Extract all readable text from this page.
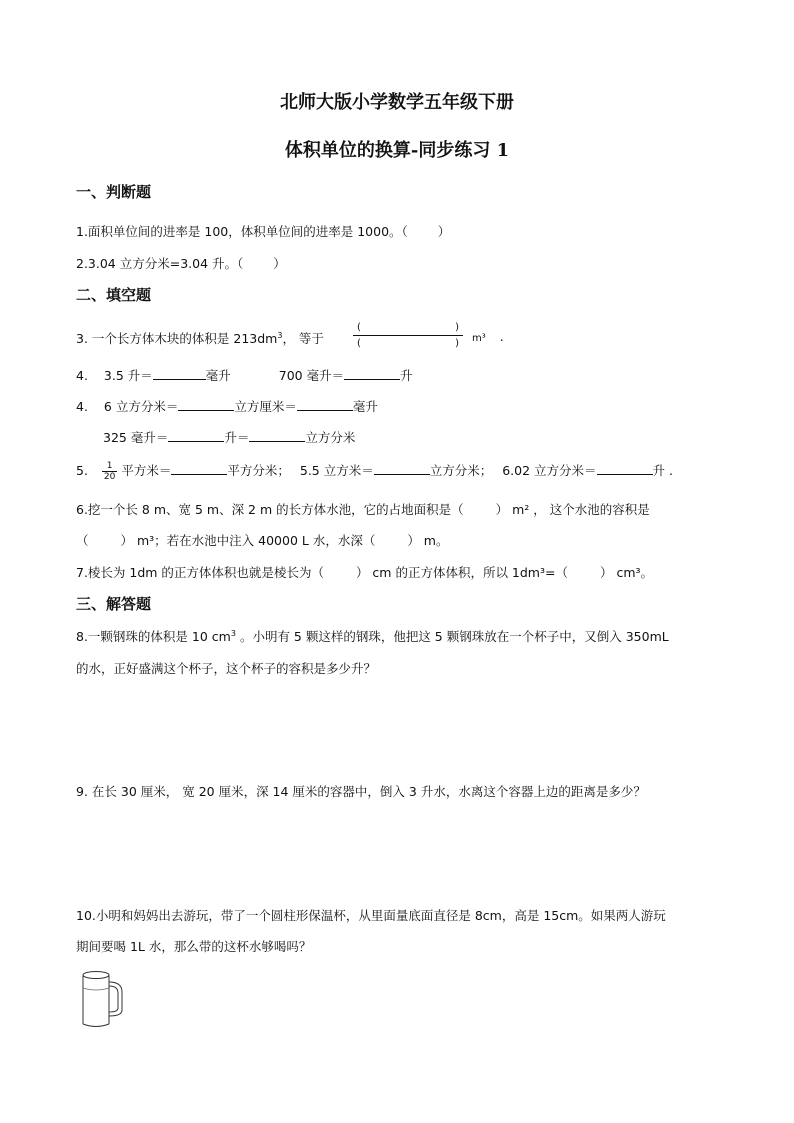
北师大版小学数学五年级下册
体积单位的换算-同步练习 1
一、判断题
1.面积单位间的进率是 100，体积单位间的进率是 1000。（ ）
2.3.04 立方分米=3.04 升。（ ）
二、填空题
3. 一个长方体木块的体积是 $213dm^3$， 等于
(	)
(	) m³ .
4. 3.5 升＝	毫升	700 毫升＝	升
4. 6 立方分米＝	立方厘米＝	毫升
325 毫升＝	升＝	立方分米
5. $\frac{1}{20}$ 平方米＝	平方分米； 5.5 立方米＝	立方分米； 6.02 立方分米＝	升 .
6.挖一个长 8 m、宽 5 m、深 2 m 的长方体水池，它的占地面积是（	） m² ， 这个水池的容积是
（	） m³；若在水池中注入 40000 L 水，水深（	） m。
7.棱长为 1dm 的正方体体积也就是棱长为（	） cm 的正方体体积，所以 1dm³=（	） cm³。
三、解答题
8.一颗钢珠的体积是 10 $cm^3$ 。小明有 5 颗这样的钢珠，他把这 5 颗钢珠放在一个杯子中，又倒入 350mL
的水，正好盛满这个杯子，这个杯子的容积是多少升？
9. 在长 30 厘米， 宽 20 厘米，深 14 厘米的容器中，倒入 3 升水，水离这个容器上边的距离是多少？
10.小明和妈妈出去游玩，带了一个圆柱形保温杯，从里面量底面直径是 8cm，高是 15cm。如果两人游玩
期间要喝 1L 水，那么带的这杯水够喝吗？
